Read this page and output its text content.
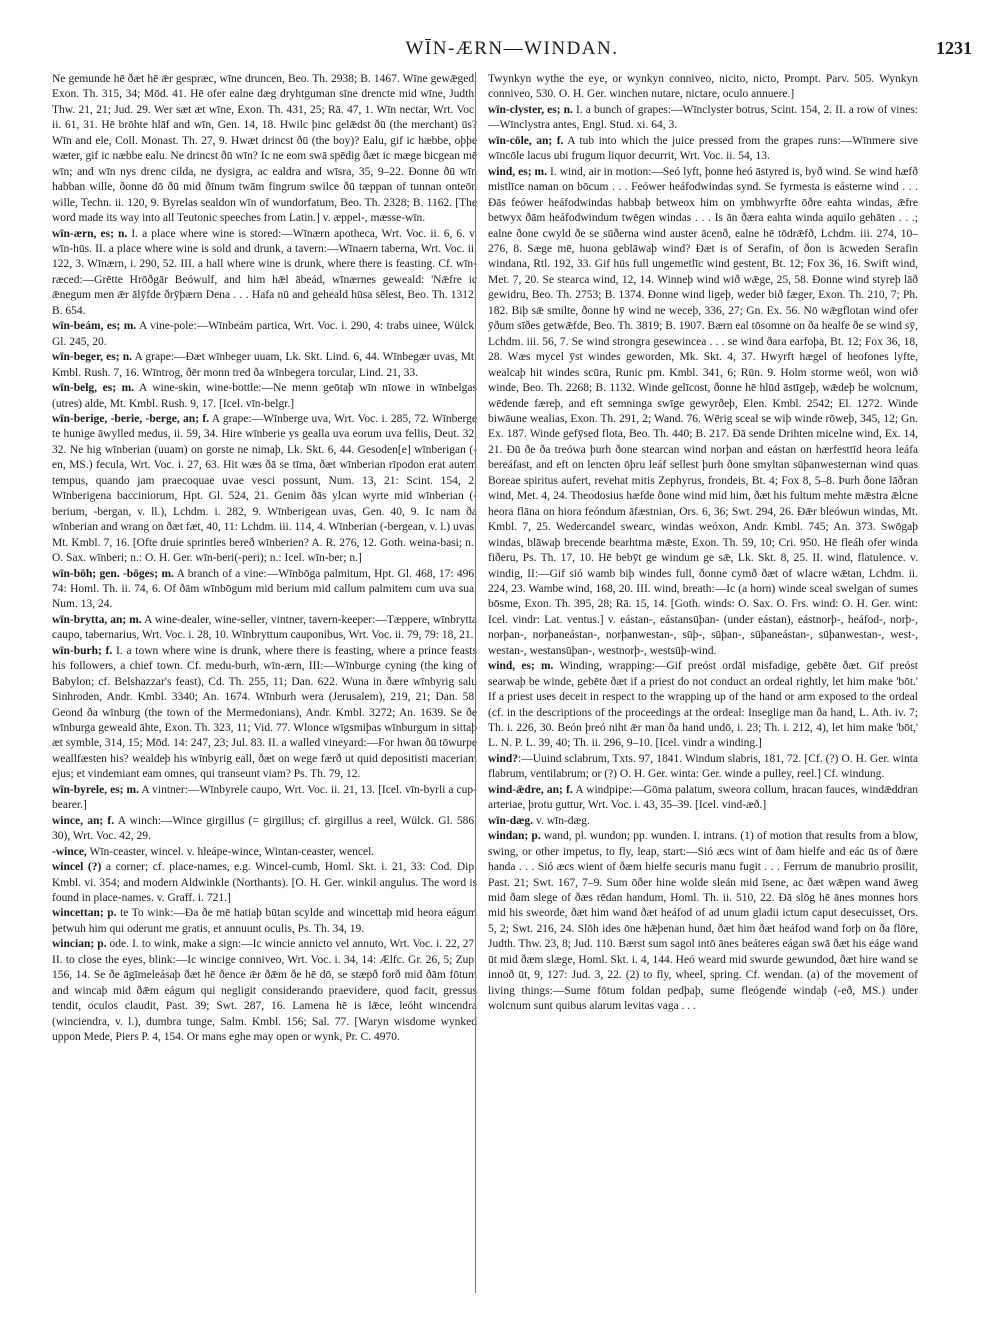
WĪN-ÆRN—WINDAN.	1231

Ne gemunde hē ðæt hē ǣr gespræc, wīne druncen, Beo. Th. 2938; B. 1467. Wīne gewǣged, Exon. Th. 315, 34; Mōd. 41. Hē ofer ealne dæg dryhtguman sīne drencte mid wīne, Judth. Thw. 21, 21; Jud. 29. Wer sæt æt wīne, Exon. Th. 431, 25; Rā. 47, 1. Wīn nectar, Wrt. Voc. ii. 61, 31. Hē brōhte hlāf and wīn, Gen. 14, 18. Hwilc þinc gelǣdst ðū (the merchant) ūs? Wīn and ele, Coll. Monast. Th. 27, 9. Hwæt drincst ðū (the boy)? Ealu, gif ic hæbbe, oþþe wæter, gif ic næbbe ealu. Ne drincst ðū wīn? Ic ne eom swā spēdig ðæt ic mæge bicgean mē wīn; and wīn nys drenc cilda, ne dysigra, ac ealdra and wīsra, 35, 9–22. Ðonne ðū wīn habban wille, ðonne dō ðū mid ðīnum twām fingrum swilce ðū tæppan of tunnan onteōn wille, Techn. ii. 120, 9. Byrelas sealdon wīn of wundorfatum, Beo. Th. 2328; B. 1162. [The word made its way into all Teutonic speeches from Latin.] v. æppel-, mæsse-wīn.

wīn-ærn, es; n. I. a place where wine is stored:—Wīnærn apotheca, Wrt. Voc. ii. 6, 6. v. wīn-hūs. II. a place where wine is sold and drunk, a tavern:—Wīnaern taberna, Wrt. Voc. ii. 122, 3. Wīnærn, i. 290, 52. III. a hall where wine is drunk, where there is feasting. Cf. wīn-ræced:—Grētte Hrōðgār Beówulf, and him hǣl ābeád, wīnærnes geweald: 'Nǣfre ic ǣnegum men ǣr ālȳfde ðrȳþærn Dena . . . Hafa nū and geheald hūsa sēlest, Beo. Th. 1312; B. 654.

wīn-beám, es; m. A vine-pole:—Wīnbeám partica, Wrt. Voc. i. 290, 4: trabs uinee, Wülck. Gl. 245, 20.

wīn-beger, es; n. A grape:—Ðæt wīnbeger uuam, Lk. Skt. Lind. 6, 44. Wīnbegær uvas, Mt. Kmbl. Rush. 7, 16. Wīntrog, ðēr monn tred ða wīnbegera torcular, Lind. 21, 33.

wīn-belg, es; m. A wine-skin, wine-bottle:—Ne menn geōtaþ wīn nīowe in wīnbelgas (utres) alde, Mt. Kmbl. Rush. 9, 17. [Icel. vīn-belgr.]

wīn-berige, -berie, -berge, an; f. A grape:—Wīnberge uva, Wrt. Voc. i. 285, 72. Wīnberge te hunige āwylled medus, ii. 59, 34. Hire wīnberie ys gealla uva eorum uva fellis, Deut. 32, 32. Ne hig wīnberian (uuam) on gorste ne nimaþ, Lk. Skt. 6, 44. Gesoden[e] wīnberigan (-en, MS.) fecula, Wrt. Voc. i. 27, 63. Hit wæs ðā se tīma, ðæt wīnberian rīpodon erat autem tempus, quando jam praecoquae uvae vesci possunt, Num. 13, 21: Scint. 154, 2. Wīnberigena bacciniorum, Hpt. Gl. 524, 21. Genim ðās ylcan wyrte mid wīnberian (-berium, -bergan, v. ll.), Lchdm. i. 282, 9. Wīnberigean uvas, Gen. 40, 9. Ic nam ða wīnberian and wrang on ðæt fæt, 40, 11: Lchdm. iii. 114, 4. Wīnberian (-bergean, v. l.) uvas, Mt. Kmbl. 7, 16. [Ofte druie sprintles bereð wīnberien? A. R. 276, 12. Goth. weina-basi; n.: O. Sax. wīnberi; n.: O. H. Ger. wīn-beri(-peri); n.: Icel. wīn-ber; n.]

wīn-bōh; gen. -bōges; m. A branch of a vine:—Wīnbōga palmitum, Hpt. Gl. 468, 17: 496, 74: Homl. Th. ii. 74, 6. Of ðām wīnbōgum mid berium mid callum palmitem cum uva sua, Num. 13, 24.

wīn-brytta, an; m. A wine-dealer, wine-seller, vintner, tavern-keeper:—Tæppere, wīnbrytta caupo, tabernarius, Wrt. Voc. i. 28, 10. Wīnbryttum cauponibus, Wrt. Voc. ii. 79, 79: 18, 21.

wīn-burh; f. I. a town where wine is drunk, where there is feasting, where a prince feasts his followers, a chief town. Cf. medu-burh, wīn-ærn, III:—Wīnburge cyning (the king of Babylon; cf. Belshazzar's feast), Cd. Th. 255, 11; Dan. 622. Wuna in ðære wīnbyrig salu Sinhroden, Andr. Kmbl. 3340; An. 1674. Wīnburh wera (Jerusalem), 219, 21; Dan. 58. Geond ða wīnburg (the town of the Mermedonians), Andr. Kmbl. 3272; An. 1639. Se ðe wīnburga geweald āhte, Exon. Th. 323, 11; Vid. 77. Wlonce wīgsmiþas wīnburgum in sittaþ æt symble, 314, 15; Mōd. 14: 247, 23; Jul. 83. II. a walled vineyard:—For hwan ðū tōwurpe weallfæsten his? wealdeþ his wīnbyrig eall, ðæt on wege færð ut quid depositisti maceriam ejus; et vindemiant eam omnes, qui transeunt viam? Ps. Th. 79, 12.

wīn-byrele, es; m. A vintner:—Wīnbyrele caupo, Wrt. Voc. ii. 21, 13. [Icel. vīn-byrli a cup-bearer.]

wince, an; f. A winch:—Wince girgillus (= girgillus; cf. girgillus a reel, Wülck. Gl. 586, 30), Wrt. Voc. 42, 29.

-wince, Wīn-ceaster, wincel. v. hleápe-wince, Wintan-ceaster, wencel.

wincel (?) a corner; cf. place-names, e.g. Wincel-cumb, Homl. Skt. i. 21, 33: Cod. Dip. Kmbl. vi. 354; and modern Aldwinkle (Northants). [O. H. Ger. winkil angulus. The word is found in place-names. v. Graff. i. 721.]

wincettan; p. te To wink:—Ða ðe mē hatiaþ būtan scylde and wincettaþ mid heora eágum þetwuh him qui oderunt me gratis, et annuunt oculis, Ps. Th. 34, 19.

wincian; p. ode. I. to wink, make a sign:—Ic wincie annicto vel annuto, Wrt. Voc. i. 22, 27. II. to close the eyes, blink:—Ic wincige conniveo, Wrt. Voc. i. 34, 14: Ælfc. Gr. 26, 5; Zup. 156, 14. Se ðe āgīmeleásaþ ðæt hē ðence ǣr ðǣm ðe hē dō, se stæpð forð mid ðām fōtum and wincaþ mid ðǣm eágum qui negligit considerando praevidere, quod facit, gressus tendit, oculos claudit, Past. 39; Swt. 287, 16. Lamena hē is lǣce, leóht wincendra (winciendra, v. l.), dumbra tunge, Salm. Kmbl. 156; Sal. 77. [Waryn wisdome wynked uppon Mede, Piers P. 4, 154. Or mans eghe may open or wynk, Pr. C. 4970.

Twynkyn wythe the eye, or wynkyn conniveo, nicito, nicto, Prompt. Parv. 505. Wynkyn conniveo, 530. O. H. Ger. winchen nutare, nictare, oculo annuere.]

wīn-clyster, es; n. I. a bunch of grapes:—Wīnclyster botrus, Scint. 154, 2. II. a row of vines:—Wīnclystra antes, Engl. Stud. xi. 64, 3.

wīn-cōle, an; f. A tub into which the juice pressed from the grapes runs:—Wīnmere sive wīncōle lacus ubi frugum liquor decurrit, Wrt. Voc. ii. 54, 13.

wind, es; m. I. wind, air in motion:—Seó lyft, þonne heó āstyred is, byð wind. Se wind hæfð mistlīce naman on bōcum . . . Feówer heáfodwindas synd. Se fyrmesta is eásterne wind . . . Ðās feówer heáfodwindas habbaþ betweox him on ymbhwyrfte ōðre eahta windas, ǣfre betwyx ðām heáfodwindum twēgen windas . . . Is ān ðæra eahta winda aquilo gehāten . . .; ealne ðone cwyld ðe se sūðerna wind auster ācenð, ealne hē tōdrǣfð, Lchdm. iii. 274, 10–276, 8. Sæge mē, huona geblāwaþ wind? Ðæt is of Serafin, of ðon is ācweden Serafin windana, Rtl. 192, 33. Gif hūs full ungemetlīc wind gestent, Bt. 12; Fox 36, 16. Swift wind, Met. 7, 20. Se stearca wind, 12, 14. Winneþ wind wið wǣge, 25, 58. Ðonne wind styreþ lāð gewidru, Beo. Th. 2753; B. 1374. Ðonne wind ligeþ, weder bið fæger, Exon. Th. 210, 7; Ph. 182. Biþ sǣ smilte, ðonne hȳ wind ne weceþ, 336, 27; Gn. Ex. 56. Nō wǣgflotan wind ofer ȳðum sīðes getwǣfde, Beo. Th. 3819; B. 1907. Bærn eal tōsomne on ða healfe ðe se wind sȳ, Lchdm. iii. 56, 7. Se wind strongra gesewincea . . . se wind ðara earfoþa, Bt. 12; Fox 36, 18, 28. Wæs mycel ȳst windes geworden, Mk. Skt. 4, 37. Hwyrft hægel of heofones lyfte, wealcaþ hit windes scūra, Runic pm. Kmbl. 341, 6; Rūn. 9. Holm storme weól, won wið winde, Beo. Th. 2268; B. 1132. Winde gelīcost, ðonne hē hlūd āstīgeþ, wǣdeþ be wolcnum, wēdende færeþ, and eft semninga swīge gewyrðeþ, Elen. Kmbl. 2542; El. 1272. Winde biwāune wealias, Exon. Th. 291, 2; Wand. 76. Wērig sceal se wiþ winde rōweþ, 345, 12; Gn. Ex. 187. Winde gefȳsed flota, Beo. Th. 440; B. 217. Ðā sende Drihten micelne wind, Ex. 14, 21. Ðū ðe ða treówa þurh ðone stearcan wind norþan and eástan on hærfesttīd heora leáfa bereáfast, and eft on lencten ōþru leáf sellest þurh ðone smyltan sūþanwesternan wind quas Boreae spiritus aufert, revehat mitis Zephyrus, frondeis, Bt. 4; Fox 8, 5–8. Þurh ðone lāðran wind, Met. 4, 24. Theodosius hæfde ðone wind mid him, ðæt his fultum mehte mǣstra ǣlcne heora flāna on hiora feóndum āfæstnian, Ors. 6, 36; Swt. 294, 26. Ðǣr bleówun windas, Mt. Kmbl. 7, 25. Wedercandel swearc, windas weóxon, Andr. Kmbl. 745; An. 373. Swōgaþ windas, blāwaþ brecende bearhtma mǣste, Exon. Th. 59, 10; Cri. 950. Hē fleáh ofer winda fiðeru, Ps. Th. 17, 10. Hē bebȳt ge windum ge sǣ, Lk. Skt. 8, 25. II. wind, flatulence. v. windig, II:—Gif sió wamb biþ windes full, ðonne cymð ðæt of wlacre wǣtan, Lchdm. ii. 224, 23. Wambe wind, 168, 20. III. wind, breath:—Ic (a horn) winde sceal swelgan of sumes bōsme, Exon. Th. 395, 28; Rā. 15, 14. [Goth. winds: O. Sax. O. Frs. wind: O. H. Ger. wint: Icel. vindr: Lat. ventus.] v. eástan-, eástansūþan- (under eástan), eástnorþ-, heáfod-, norþ-, norþan-, norþaneástan-, norþanwestan-, sūþ-, sūþan-, sūþaneástan-, sūþanwestan-, west-, westan-, westansūþan-, westnorþ-, westsūþ-wind.

wind, es; m. Winding, wrapping:—Gif preóst ordāl misfadige, gebēte ðæt. Gif preóst searwaþ be winde, gebēte ðæt if a priest do not conduct an ordeal rightly, let him make 'bōt.' If a priest uses deceit in respect to the wrapping up of the hand or arm exposed to the ordeal (cf. in the descriptions of the proceedings at the ordeal: Inseglige man ða hand, L. Ath. iv. 7; Th. i. 226, 30. Beón þreó niht ǣr man ða hand undō, i. 23; Th. i. 212, 4), let him make 'bōt,' L. N. P. L. 39, 40; Th. ii. 296, 9–10. [Icel. vindr a winding.]

wind?:—Uuind sclabrum, Txts. 97, 1841. Windum slabris, 181, 72. [Cf. (?) O. H. Ger. winta flabrum, ventilabrum; or (?) O. H. Ger. winta: Ger. winde a pulley, reel.] Cf. windung.

wind-ǣdre, an; f. A windpipe:—Gōma palatum, sweora collum, hracan fauces, windǣddran arteriae, þrotu guttur, Wrt. Voc. i. 43, 35–39. [Icel. vind-æð.]

wīn-dæg. v. wīn-dæg.

windan; p. wand, pl. wundon; pp. wunden. I. intrans. (1) of motion that results from a blow, swing, or other impetus, to fly, leap, start:—Sió æcs wint of ðam hielfe and eác ūs of ðære handa . . . Sió æcs wient of ðæm hielfe securis manu fugit . . . Ferrum de manubrio prosilit, Past. 21; Swt. 167, 7–9. Sum ōðer hine wolde sleán mid īsene, ac ðæt wǣpen wand āweg mid ðam slege of ðæs rēdan handum, Homl. Th. ii. 510, 22. Ðā slōg hē ānes monnes hors mid his sweorde, ðæt him wand ðæt heáfod of ad unum gladii ictum caput desecuisset, Ors. 5, 2; Swt. 216, 24. Slōh ides ōne hǣþenan hund, ðæt him ðæt heáfod wand forþ on ða flōre, Judth. Thw. 23, 8; Jud. 110. Bærst sum sagol intō ānes beáteres eágan swā ðæt his eáge wand ūt mid ðæm slæge, Homl. Skt. i. 4, 144. Heó weard mid swurde gewundod, ðæt hire wand se innoð ūt, 9, 127: Jud. 3, 22. (2) to fly, wheel, spring. Cf. wendan. (a) of the movement of living things:—Sume fōtum foldan pedþaþ, sume fleógende windaþ (-eð, MS.) under wolcnum sunt quibus alarum levitas vaga . . .
